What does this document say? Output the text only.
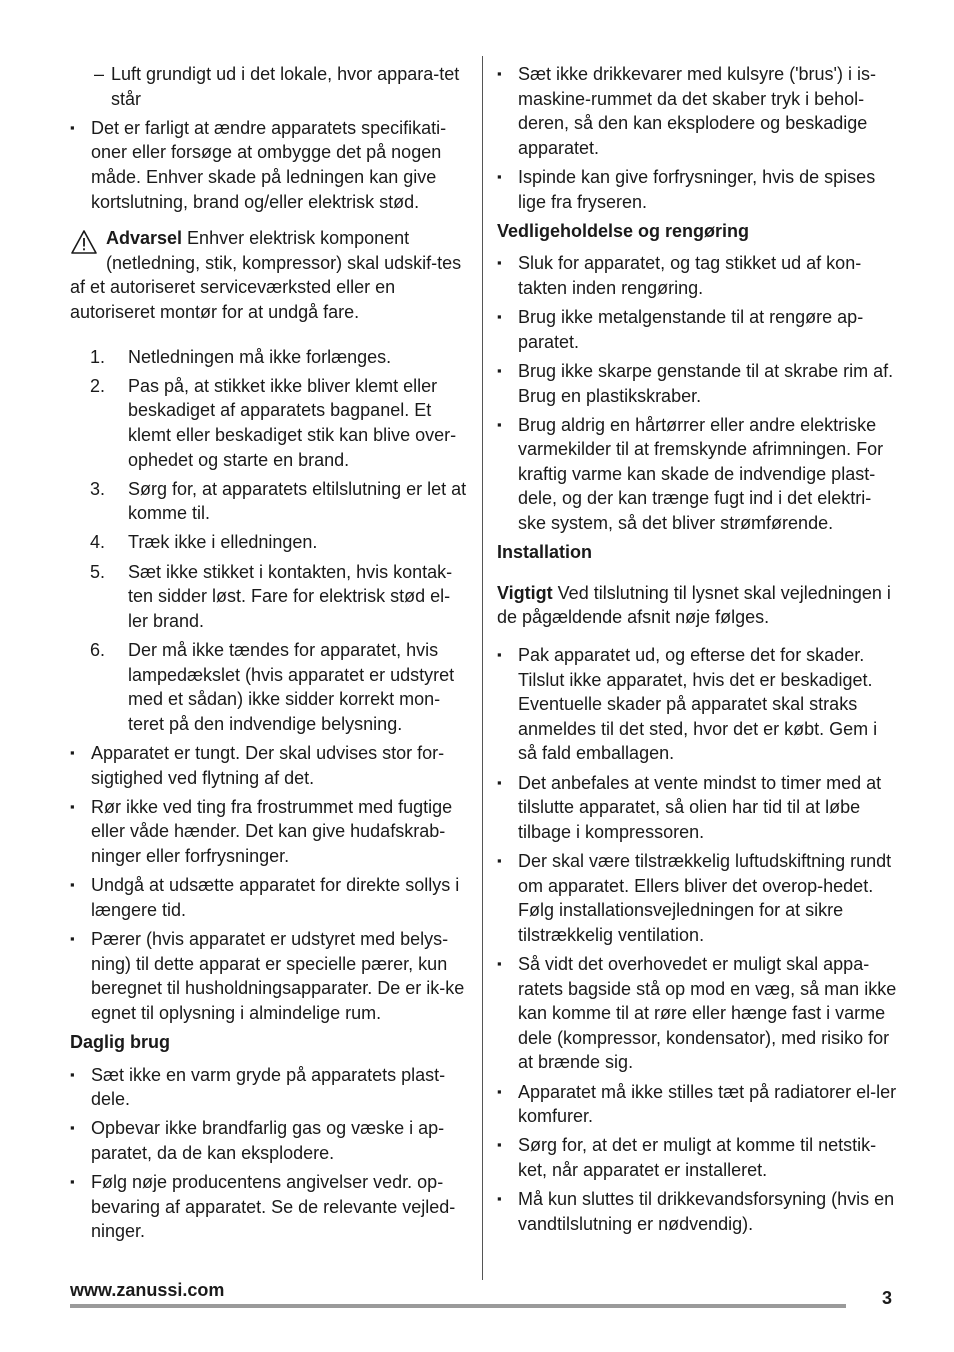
– Luft grundigt ud i det lokale, hvor appara-tet står
▪ Det er farligt at ændre apparatets specifikati-oner eller forsøge at ombygge det på nogen måde. Enhver skade på ledningen kan give kortslutning, brand og/eller elektrisk stød.
Advarsel Enhver elektrisk komponent (netledning, stik, kompressor) skal udskif-tes af et autoriseret serviceværksted eller en autoriseret montør for at undgå fare.
1. Netledningen må ikke forlænges.
2. Pas på, at stikket ikke bliver klemt eller beskadiget af apparatets bagpanel. Et klemt eller beskadiget stik kan blive over-ophedet og starte en brand.
3. Sørg for, at apparatets eltilslutning er let at komme til.
4. Træk ikke i elledningen.
5. Sæt ikke stikket i kontakten, hvis kontak-ten sidder løst. Fare for elektrisk stød el-ler brand.
6. Der må ikke tændes for apparatet, hvis lampedækslet (hvis apparatet er udstyret med et sådan) ikke sidder korrekt mon-teret på den indvendige belysning.
▪ Apparatet er tungt. Der skal udvises stor for-sigtighed ved flytning af det.
▪ Rør ikke ved ting fra frostrummet med fugtige eller våde hænder. Det kan give hudafskrab-ninger eller forfrysninger.
▪ Undgå at udsætte apparatet for direkte sollys i længere tid.
▪ Pærer (hvis apparatet er udstyret med belys-ning) til dette apparat er specielle pærer, kun beregnet til husholdningsapparater. De er ik-ke egnet til oplysning i almindelige rum.

Daglig brug

▪ Sæt ikke en varm gryde på apparatets plast-dele.
▪ Opbevar ikke brandfarlig gas og væske i ap-paratet, da de kan eksplodere.
▪ Følg nøje producentens angivelser vedr. op-bevaring af apparatet. Se de relevante vejled-ninger.
▪ Sæt ikke drikkevarer med kulsyre ('brus') i is-maskine-rummet da det skaber tryk i behol-deren, så den kan eksplodere og beskadige apparatet.
▪ Ispinde kan give forfrysninger, hvis de spises lige fra fryseren.

Vedligeholdelse og rengøring

▪ Sluk for apparatet, og tag stikket ud af kon-takten inden rengøring.
▪ Brug ikke metalgenstande til at rengøre ap-paratet.
▪ Brug ikke skarpe genstande til at skrabe rim af. Brug en plastikskraber.
▪ Brug aldrig en hårtørrer eller andre elektriske varmekilder til at fremskynde afrimningen. For kraftig varme kan skade de indvendige plast-dele, og der kan trænge fugt ind i det elektri-ske system, så det bliver strømførende.

Installation

Vigtigt Ved tilslutning til lysnet skal vejledningen i de pågældende afsnit nøje følges.

▪ Pak apparatet ud, og efterse det for skader. Tilslut ikke apparatet, hvis det er beskadiget. Eventuelle skader på apparatet skal straks anmeldes til det sted, hvor det er købt. Gem i så fald emballagen.
▪ Det anbefales at vente mindst to timer med at tilslutte apparatet, så olien har tid til at løbe tilbage i kompressoren.
▪ Der skal være tilstrækkelig luftudskiftning rundt om apparatet. Ellers bliver det overop-hedet. Følg installationsvejledningen for at sikre tilstrækkelig ventilation.
▪ Så vidt det overhovedet er muligt skal appa-ratets bagside stå op mod en væg, så man ikke kan komme til at røre eller hænge fast i varme dele (kompressor, kondensator), med risiko for at brænde sig.
▪ Apparatet må ikke stilles tæt på radiatorer el-ler komfurer.
▪ Sørg for, at det er muligt at komme til netstik-ket, når apparatet er installeret.
▪ Må kun sluttes til drikkevandsforsyning (hvis en vandtilslutning er nødvendig).
www.zanussi.com	3
